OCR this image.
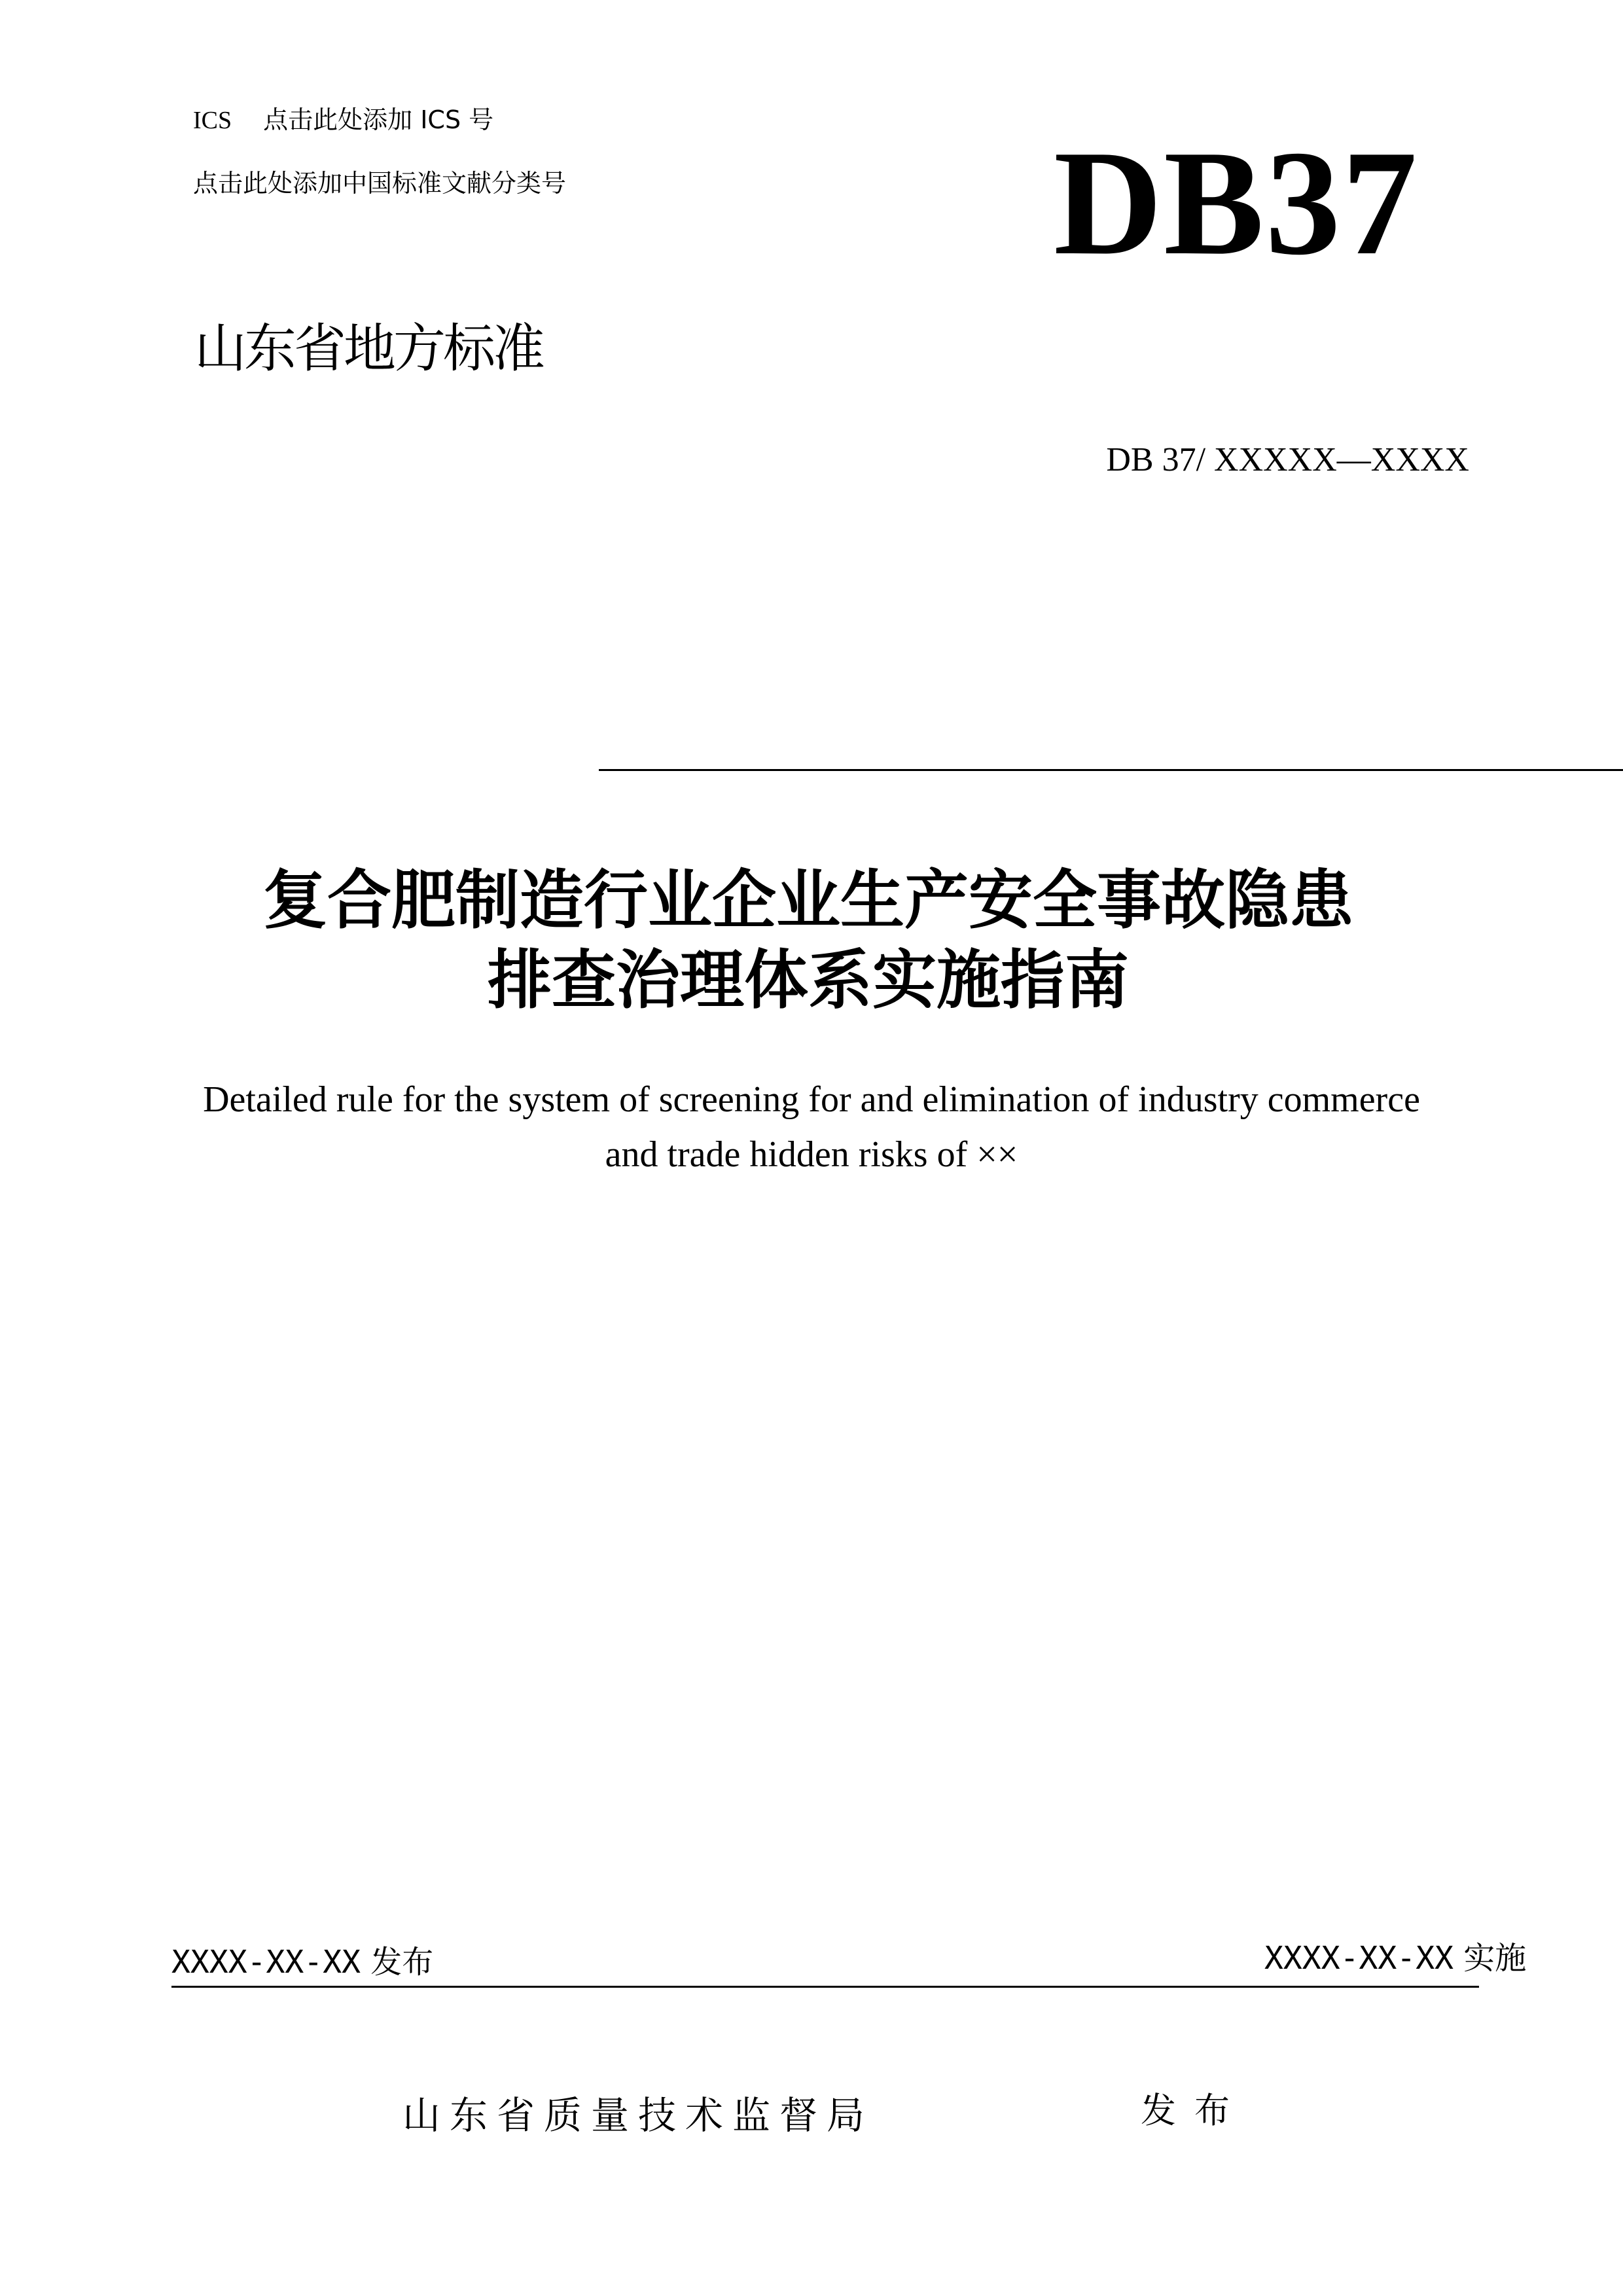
ICS 点击此处添加 ICS 号
点击此处添加中国标准文献分类号	DB37
山东省地方标准
DB 37/ XXXXX—XXXX
复合肥制造行业企业生产安全事故隐患
排查治理体系实施指南
Detailed rule for the system of screening for and elimination of industry commerce
and trade hidden risks of ××
XXXX-XX-XX 发布	XXXX-XX-XX 实施
山东省质量技术监督局	发布
